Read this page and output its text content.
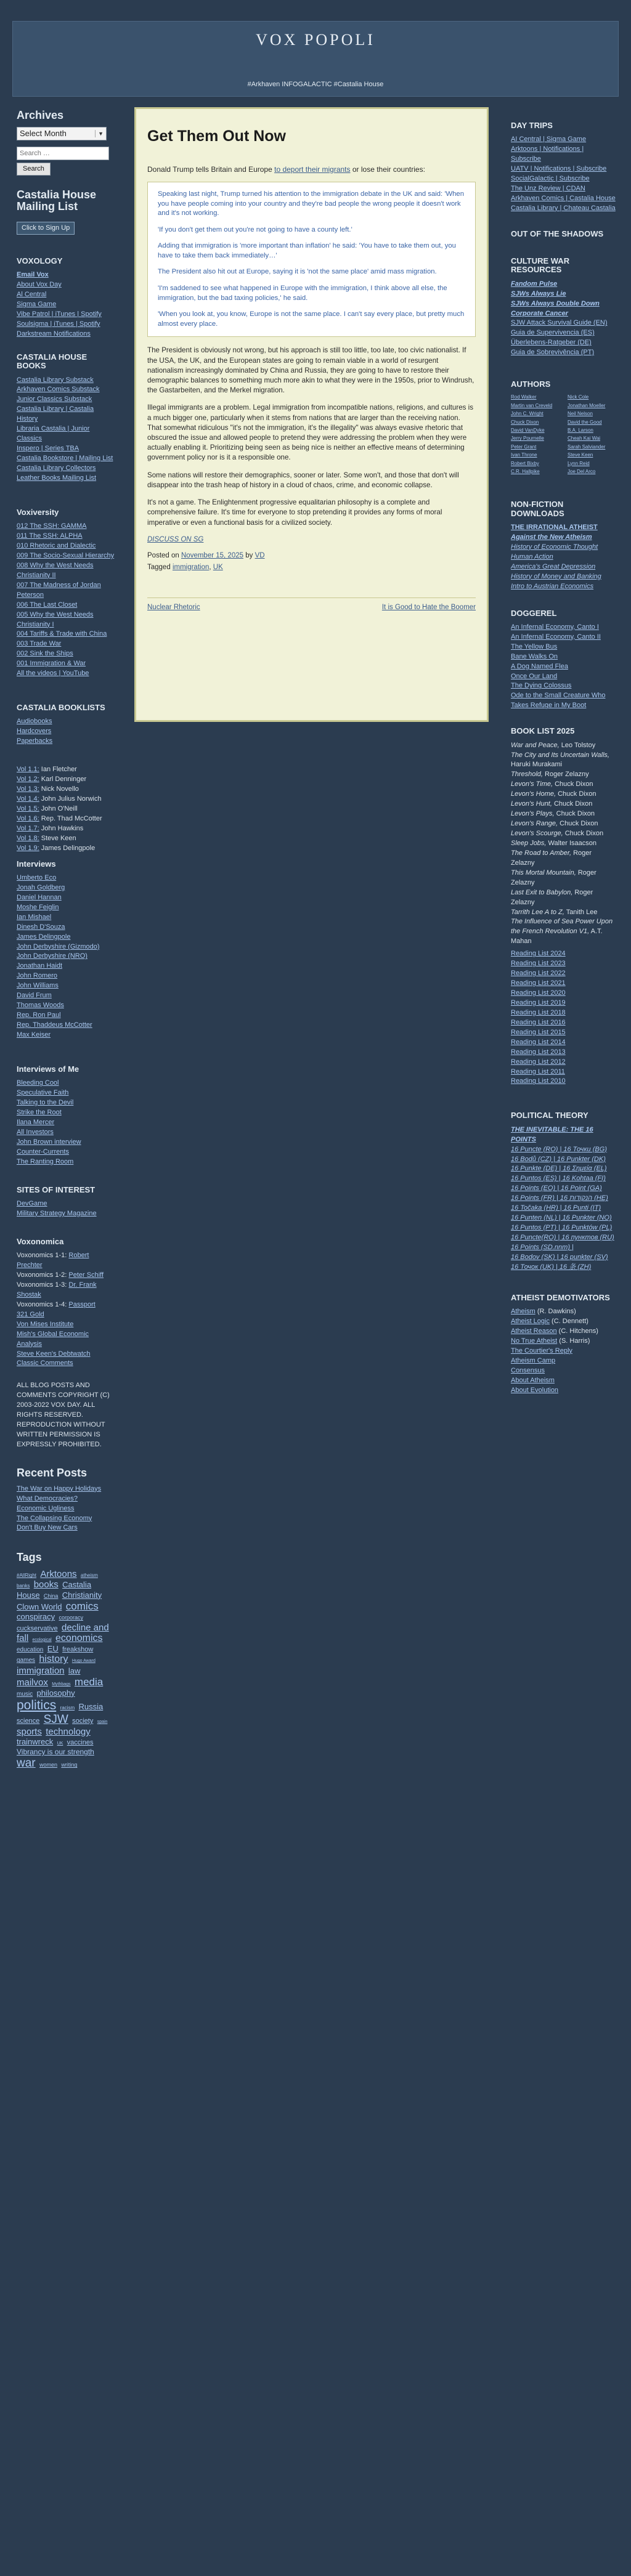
VOX POPOLI
#Arkhaven INFOGALACTIC #Castalia House
Archives
Select Month	▼
Search … Search
Castalia House Mailing List
Click to Sign Up
VOXOLOGY
Email Vox
About Vox Day
Al Central
Sigma Game
Vibe Patrol | iTunes | Spotify
Soulsigma | iTunes | Spotify
Darkstream Notifications
CASTALIA HOUSE BOOKS
Castalia Library Substack
Arkhaven Comics Substack
Junior Classics Substack
Castalia Library | Castalia History
Libraria Castalia | Junior Classics
Inspero | Series TBA
Castalia Bookstore | Mailing List
Castalia Library Collectors
Leather Books Mailing List
Voxiversity
012 The SSH: GAMMA
011 The SSH: ALPHA
010 Rhetoric and Dialectic
009 The Socio-Sexual Hierarchy
008 Why the West Needs Christianity II
007 The Madness of Jordan Peterson
006 The Last Closet
005 Why the West Needs Christianity I
004 Tariffs & Trade with China
003 Trade War
002 Sink the Ships
001 Immigration & War
All the videos | YouTube
CASTALIA BOOKLISTS
Audiobooks
Hardcovers
Paperbacks
Vol 1.1: Ian Fletcher
Vol 1.2: Karl Denninger
Vol 1.3: Nick Novello
Vol 1.4: John Julius Norwich
Vol 1.5: John O'Neill
Vol 1.6: Rep. Thad McCotter
Vol 1.7: John Hawkins
Vol 1.8: Steve Keen
Vol 1.9: James Delingpole
Interviews
Umberto Eco
Jonah Goldberg
Daniel Hannan
Moshe Feiglin
Ian Mishael
Dinesh D'Souza
James Delingpole
John Derbyshire (Gizmodo)
John Derbyshire (NRO)
Jonathan Haidt
John Romero
John Williams
David Frum
Thomas Woods
Rep. Ron Paul
Rep. Thaddeus McCotter
Max Keiser
Interviews of Me
Bleeding Cool
Speculative Faith
Talking to the Devil
Strike the Root
Ilana Mercer
All Investors
John Brown interview
Counter-Currents
The Ranting Room
SITES OF INTEREST
DevGame
Military Strategy Magazine
Voxonomica
Voxonomics 1-1: Robert Prechter
Voxonomics 1-2: Peter Schiff
Voxonomics 1-3: Dr. Frank Shostak
Voxonomics 1-4: Passport
321 Gold
Von Mises Institute
Mish's Global Economic Analysis
Steve Keen's Debtwatch
Classic Comments
ALL BLOG POSTS AND COMMENTS COPYRIGHT (C) 2003-2022 VOX DAY. ALL RIGHTS RESERVED. REPRODUCTION WITHOUT WRITTEN PERMISSION IS EXPRESSLY PROHIBITED.
Recent Posts
The War on Happy Holidays
What Democracies?
Economic Ugliness
The Collapsing Economy
Don't Buy New Cars
Tags
#AllRight Arktoons atheism banks books Castalia House China Christianity Clown World comics conspiracy corporacy cuckservative decline and fall ecological economics education EU freakshow games history Hugo Award immigration law mailvox Mythbags media music philosophy politics racism Russia science SJW society spain sports technology trainwreck UK vaccines Vibrancy is our strength war women writing
Get Them Out Now

Donald Trump tells Britain and Europe to deport their migrants or lose their countries:

Speaking last night, Trump turned his attention to the immigration debate in the UK and said: 'When you have people coming into your country and they're bad people the wrong people it doesn't work and it's not working.

'If you don't get them out you're not going to have a county left.'

Adding that immigration is 'more important than inflation' he said: 'You have to take them out, you have to take them back immediately…'

The President also hit out at Europe, saying it is 'not the same place' amid mass migration.

'I'm saddened to see what happened in Europe with the immigration, I think above all else, the immigration, but the bad taxing policies,' he said.

'When you look at, you know, Europe is not the same place. I can't say every place, but pretty much almost every place.

The President is obviously not wrong, but his approach is still too little, too late, too civic nationalist. If the USA, the UK, and the European states are going to remain viable in a world of resurgent nationalism increasingly dominated by China and Russia, they are going to have to restore their demographic balances to something much more akin to what they were in the 1950s, prior to Windrush, the Gastarbeiten, and the Merkel migration.

Illegal immigrants are a problem. Legal immigration from incompatible nations, religions, and cultures is a much bigger one, particularly when it stems from nations that are larger than the receiving nation. That somewhat ridiculous "it's not the immigration, it's the illegality" was always evasive rhetoric that obscured the issue and allowed people to pretend they were addressing the problem when they were actually enabling it. Prioritizing being seen as being nice is neither an effective means of determining government policy nor is it a responsible one.

Some nations will restore their demographics, sooner or later. Some won't, and those that don't will disappear into the trash heap of history in a cloud of chaos, crime, and economic collapse.

It's not a game. The Enlightenment progressive equalitarian philosophy is a complete and comprehensive failure. It's time for everyone to stop pretending it provides any forms of moral imperative or even a functional basis for a civilized society.

DISCUSS ON SG
Posted on November 15, 2025 by VD
Tagged immigration, UK
Nuclear Rhetoric	It is Good to Hate the Boomer
DAY TRIPS
AI Central | Sigma Game
Arktoons | Notifications | Subscribe
UATV | Notifications | Subscribe
SocialGalactic | Subscribe
The Unz Review | CDAN
Arkhaven Comics | Castalia House
Castalia Library | Chateau Castalia
OUT OF THE SHADOWS
CULTURE WAR RESOURCES
Fandom Pulse
SJWs Always Lie
SJWs Always Double Down
Corporate Cancer
SJW Attack Survival Guide (EN)
Guia de Supervivencia (ES)
Überlebens-Ratgeber (DE)
Guia de Sobrevivência (PT)
AUTHORS
Rod Walker	Nick Cole
Martin van Creveld	Jonathan Moeller
John C. Wright	Neil Nelson
Chuck Dixon	David the Good
David VanDyke	B.A. Larson
Jerry Pournelle	Cheah Kai Wai
Peter Grant	Sarah Salviander
Ivan Throne	Steve Keen
Robert Bixby	Lynn Reid
C.R. Hallpike	Joe Del Arco
NON-FICTION DOWNLOADS
THE IRRATIONAL ATHEIST
Against the New Atheism
History of Economic Thought
Human Action
America's Great Depression
History of Money and Banking
Intro to Austrian Economics
DOGGEREL
An Infernal Economy, Canto I
An Infernal Economy, Canto II
The Yellow Bus
Bane Walks On
A Dog Named Flea
Once Our Land
The Dying Colossus
Ode to the Small Creature Who Takes Refuge in My Boot
BOOK LIST 2025
War and Peace, Leo Tolstoy
The City and Its Uncertain Walls, Haruki Murakami
Threshold, Roger Zelazny
Levon's Time, Chuck Dixon
Levon's Home, Chuck Dixon
Levon's Hunt, Chuck Dixon
Levon's Plays, Chuck Dixon
Levon's Range, Chuck Dixon
Levon's Scourge, Chuck Dixon
Sleep Jobs, Walter Isaacson
The Road to Amber, Roger Zelazny
This Mortal Mountain, Roger Zelazny
Last Exit to Babylon, Roger Zelazny
Tarrith Lee A to Z, Tanith Lee
The Influence of Sea Power Upon the French Revolution V1, A.T. Mahan
Reading List 2024
Reading List 2023
Reading List 2022
Reading List 2021
Reading List 2020
Reading List 2019
Reading List 2018
Reading List 2016
Reading List 2015
Reading List 2014
Reading List 2013
Reading List 2012
Reading List 2011
Reading List 2010
POLITICAL THEORY
THE INEVITABLE: THE 16 POINTS
16 Puncte (RO) | 16 Точки (BG)
16 Bodů (CZ) | 16 Punkter (DK)
16 Punkte (DE) | 16 Σημεία (EL)
16 Puntos (ES) | 16 Kohtaa (FI)
16 Points (EO) | 16 Point (GA)
16 Points (FR) | הנקודות 16 (HE)
16 Točaka (HR) | 16 Punti (IT)
16 Punten (NL) | 16 Punkter (NO)
16 Puntos (PT) | 16 Punktów (PL)
16 Puncte(RO) | 16 пунктов (RU)
16 Points (SD.nnm) |
16 Bodov (SK) | 16 punkter (SV)
16 Точок (UK) | 16 条 (ZH)
ATHEIST DEMOTIVATORS
Atheism (R. Dawkins)
Atheist Logic (C. Dennett)
Atheist Reason (C. Hitchens)
No True Atheist (S. Harris)
The Courtier's Reply
Atheism Camp
Consensus
About Atheism
About Evolution
